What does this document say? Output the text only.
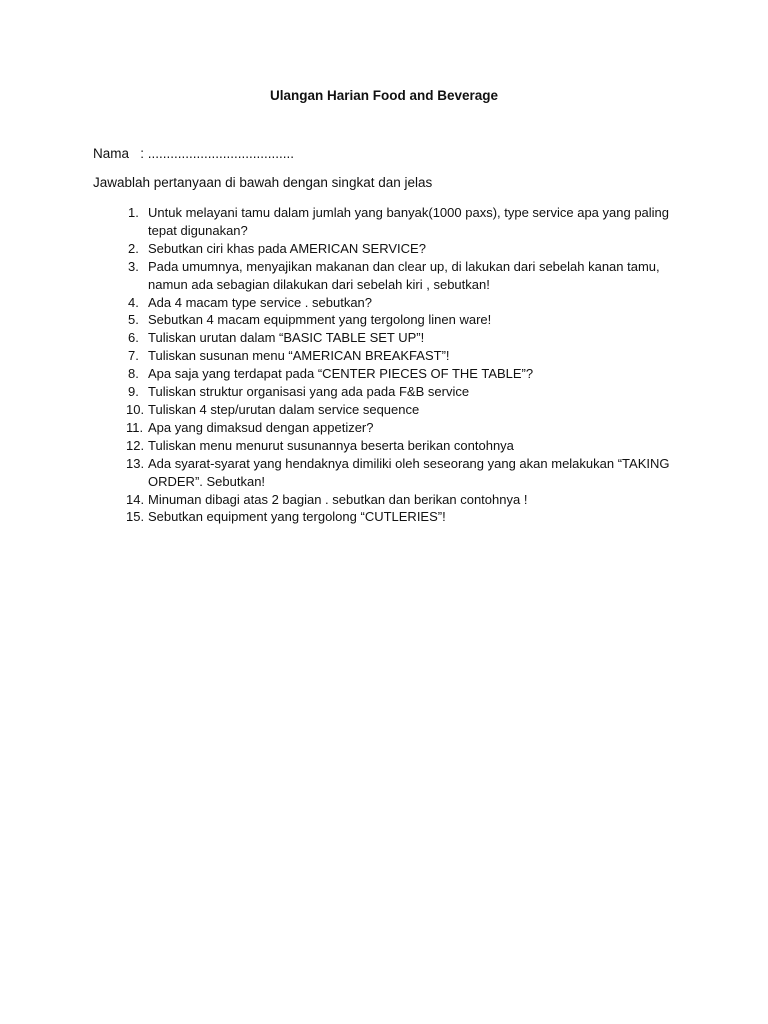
Ulangan Harian Food and Beverage
Nama   : .......................................
Jawablah pertanyaan di bawah dengan singkat dan jelas
1. Untuk melayani tamu dalam jumlah yang banyak(1000 paxs), type service apa yang paling tepat digunakan?
2. Sebutkan ciri khas pada AMERICAN SERVICE?
3. Pada umumnya, menyajikan makanan dan clear up, di lakukan dari sebelah kanan tamu, namun ada sebagian dilakukan dari sebelah kiri , sebutkan!
4. Ada 4 macam type service . sebutkan?
5. Sebutkan 4 macam equipmment yang tergolong linen ware!
6. Tuliskan urutan dalam “BASIC TABLE SET UP”!
7. Tuliskan susunan menu “AMERICAN BREAKFAST”!
8. Apa saja yang terdapat pada “CENTER PIECES OF THE TABLE”?
9. Tuliskan struktur organisasi yang ada pada F&B service
10. Tuliskan 4 step/urutan dalam service sequence
11. Apa yang dimaksud dengan appetizer?
12. Tuliskan menu menurut susunannya beserta berikan contohnya
13. Ada syarat-syarat yang hendaknya dimiliki oleh seseorang yang akan melakukan “TAKING ORDER”. Sebutkan!
14. Minuman dibagi atas 2 bagian . sebutkan dan berikan contohnya !
15. Sebutkan equipment yang tergolong “CUTLERIES”!
